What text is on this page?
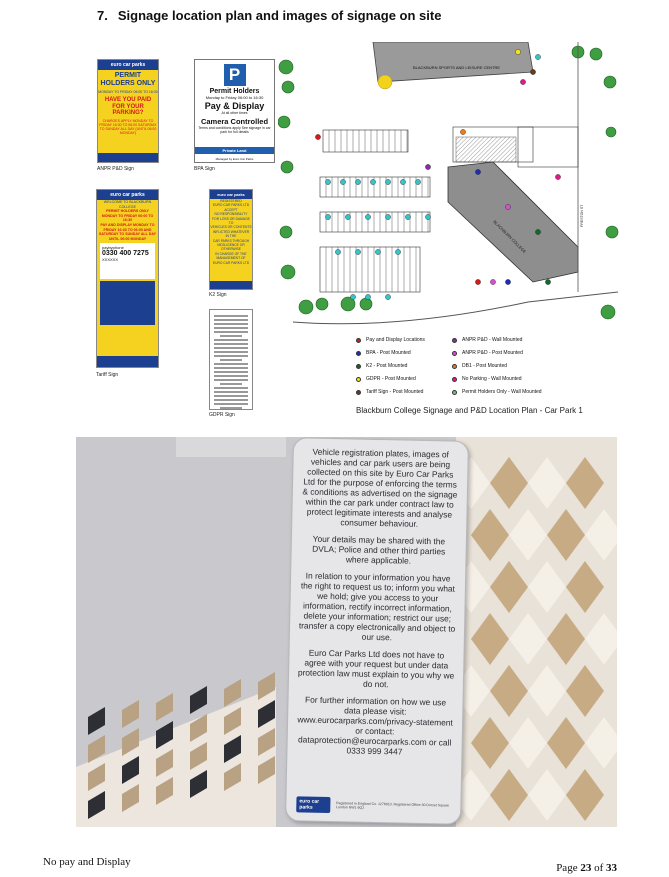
7. Signage location plan and images of signage on site
euro car parks
PERMIT HOLDERS ONLY
MONDAY TO FRIDAY 06:00 TO 16:30
HAVE YOU PAID FOR YOUR PARKING?
CHARGES APPLY MONDAY TO FRIDAY 16:30 TO 06:00 SATURDAY TO SUNDAY ALL DAY (UNTIL 06:00 MONDAY)
ANPR P&D Sign
P
Permit Holders
Monday to Friday 06:00 to 16:30
Pay & Display
At all other times
Camera Controlled
Terms and conditions apply See signage in car park for full details
Private Land
Managed by Euro Car Parks
BPA Sign
euro car parks
WELCOME TO BLACKBURN COLLEGE
PERMIT HOLDERS ONLY
MONDAY TO FRIDAY 06:00 TO 16:30
PAY AND DISPLAY MONDAY TO FRIDAY 16:30 TO 06:00 AND SATURDAY TO SUNDAY ALL DAY UNTIL 06:00 MONDAY
paybyphone
0330 400 7275
XXXXXX
Tariff Sign
euro car parks
REGISTERED
EURO CAR PARKS LTD
ACCEPT
NO RESPONSIBILITY
FOR LOSS OR DAMAGE TO
VEHICLES OR CONTENTS
INFLICTED WHATEVER
IN THE
CAR PARKS THROUGH
NEGLIGENCE OR
OTHERWISE
IN CHARGE OF THE
MANAGEMENT OF
EURO CAR PARKS LTD
K2 Sign
GDPR Sign
BLACKBURN SPORTS AND LEISURE CENTRE
BLACKBURN COLLEGE
PRESTON ST
Pay and Display Locations	ANPR P&D - Wall Mounted
BPA - Post Mounted	ANPR P&D - Post Mounted
K2 - Post Mounted	DB1 - Post Mounted
GDPR - Post Mounted	No Parking - Wall Mounted
Tariff Sign - Post Mounted	Permit Holders Only - Wall Mounted
Blackburn College Signage and P&D Location Plan - Car Park 1

Vehicle registration plates, images of vehicles and car park users are being collected on this site by Euro Car Parks Ltd for the purpose of enforcing the terms & conditions as advertised on the signage within the car park under contract law to protect legitimate interests and analyse consumer behaviour.

Your details may be shared with the DVLA; Police and other third parties where applicable.

In relation to your information you have the right to request us to; inform you what we hold; give you access to your information, rectify incorrect information, delete your information; restrict our use; transfer a copy electronically and object to our use.

Euro Car Parks Ltd does not have to agree with your request but under data protection law must explain to you why we do not.

For further information on how we use data please visit: www.eurocarparks.com/privacy-statement or contact: dataprotection@eurocarparks.com or call 0333 999 3447

euro car parks
Registered in England Co. 1276810. Registered Office 30 Dorset Square London NW1 6QJ
No pay and Display	Page 23 of 33
